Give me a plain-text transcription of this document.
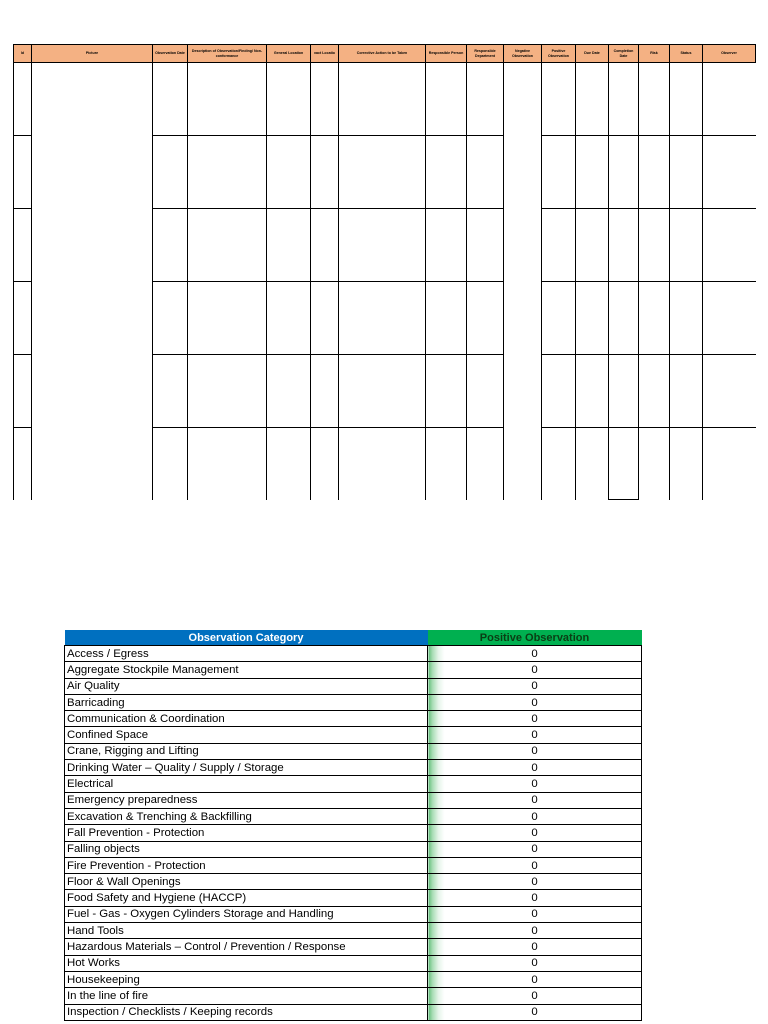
Id	Picture	Observation Date	Description of Observation/Finding/ Non-conformance	General Location	xact Locatio	Corrective Action to be Taken	Responsible Person	Responsible Department	Negative Observation	Positive Observation	Due Date	Completion Date	Risk	Status	Observer

Observation Category	Positive Observation
Access / Egress	0
Aggregate Stockpile Management	0
Air Quality	0
Barricading	0
Communication & Coordination	0
Confined Space	0
Crane, Rigging and Lifting	0
Drinking Water – Quality / Supply / Storage	0
Electrical	0
Emergency preparedness	0
Excavation & Trenching & Backfilling	0
Fall Prevention - Protection	0
Falling objects	0
Fire Prevention - Protection	0
Floor & Wall Openings	0
Food Safety and Hygiene (HACCP)	0
Fuel - Gas - Oxygen Cylinders Storage and Handling	0
Hand Tools	0
Hazardous Materials – Control / Prevention / Response	0
Hot Works	0
Housekeeping	0
In the line of fire	0
Inspection / Checklists / Keeping records	0
